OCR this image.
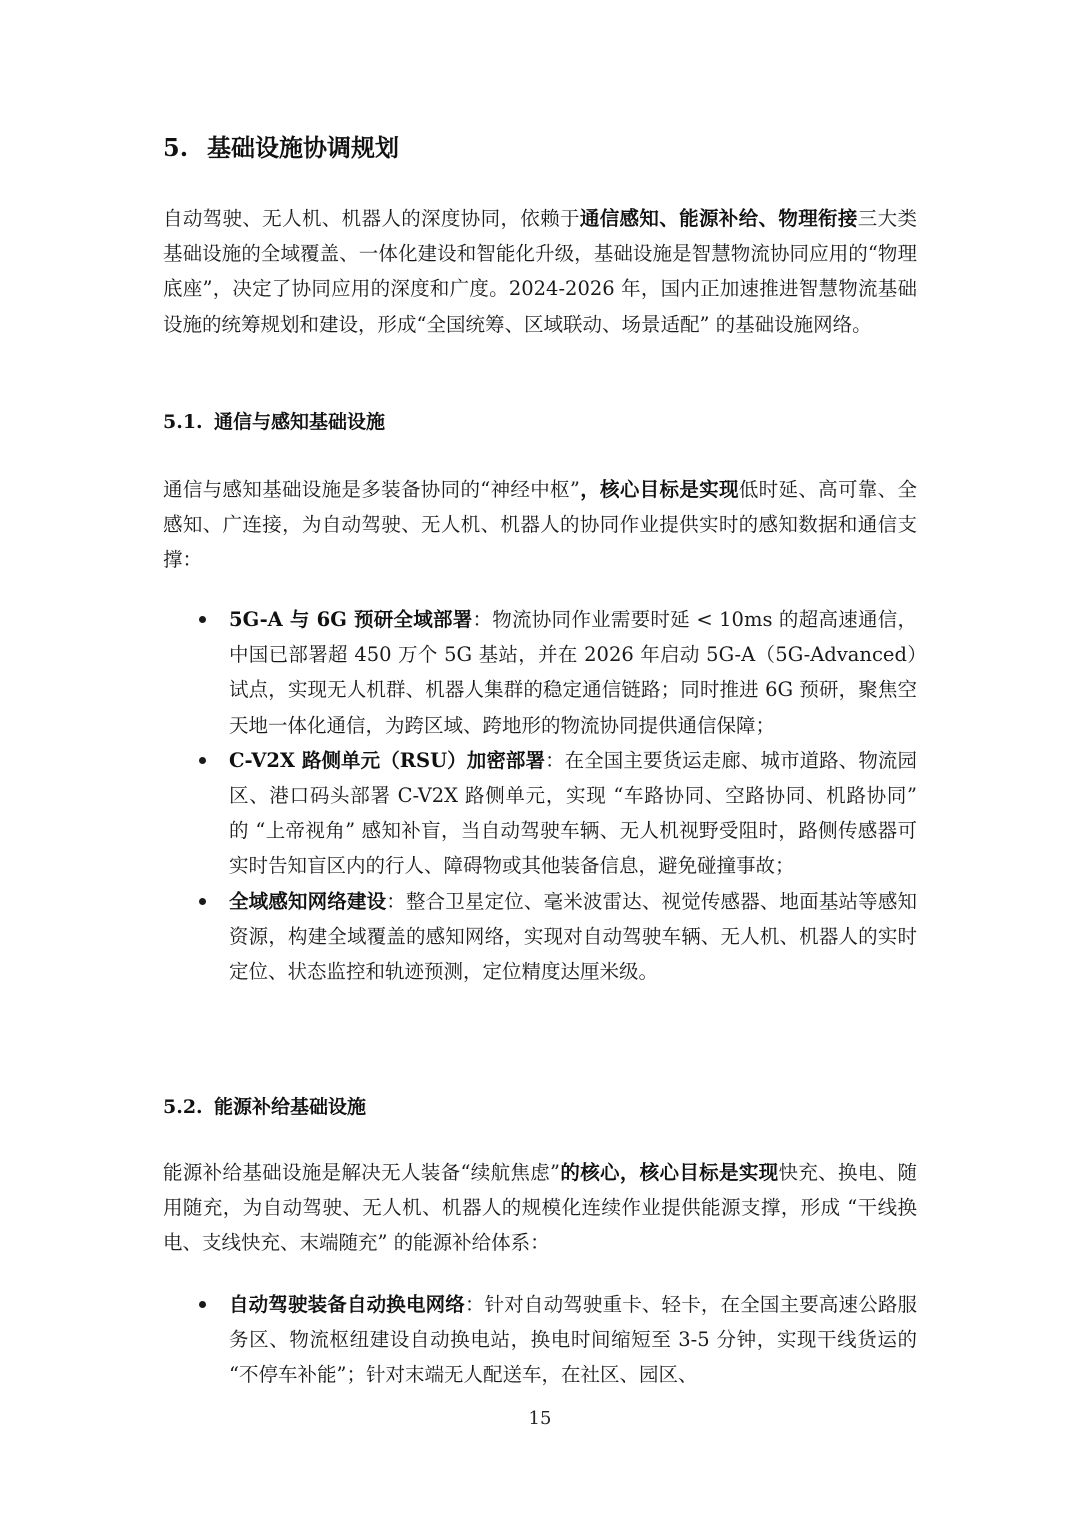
5. 基础设施协调规划

自动驾驶、无人机、机器人的深度协同，依赖于通信感知、能源补给、物理衔接三大类基础设施的全域覆盖、一体化建设和智能化升级，基础设施是智慧物流协同应用的“物理底座”，决定了协同应用的深度和广度。2024-2026 年，国内正加速推进智慧物流基础设施的统筹规划和建设，形成“全国统筹、区域联动、场景适配” 的基础设施网络。

5.1. 通信与感知基础设施

通信与感知基础设施是多装备协同的“神经中枢”，核心目标是实现低时延、高可靠、全感知、广连接，为自动驾驶、无人机、机器人的协同作业提供实时的感知数据和通信支撑：

5G-A 与 6G 预研全域部署：物流协同作业需要时延 < 10ms 的超高速通信，中国已部署超 450 万个 5G 基站，并在 2026 年启动 5G-A（5G-Advanced）试点，实现无人机群、机器人集群的稳定通信链路；同时推进 6G 预研，聚焦空天地一体化通信，为跨区域、跨地形的物流协同提供通信保障；
C-V2X 路侧单元（RSU）加密部署：在全国主要货运走廊、城市道路、物流园区、港口码头部署 C-V2X 路侧单元，实现 “车路协同、空路协同、机路协同” 的 “上帝视角” 感知补盲，当自动驾驶车辆、无人机视野受阻时，路侧传感器可实时告知盲区内的行人、障碍物或其他装备信息，避免碰撞事故；
全域感知网络建设：整合卫星定位、毫米波雷达、视觉传感器、地面基站等感知资源，构建全域覆盖的感知网络，实现对自动驾驶车辆、无人机、机器人的实时定位、状态监控和轨迹预测，定位精度达厘米级。
5.2. 能源补给基础设施

能源补给基础设施是解决无人装备“续航焦虑”的核心，核心目标是实现快充、换电、随用随充，为自动驾驶、无人机、机器人的规模化连续作业提供能源支撑，形成 “干线换电、支线快充、末端随充” 的能源补给体系：

自动驾驶装备自动换电网络：针对自动驾驶重卡、轻卡，在全国主要高速公路服务区、物流枢纽建设自动换电站，换电时间缩短至 3-5 分钟，实现干线货运的 “不停车补能”；针对末端无人配送车，在社区、园区、

15
